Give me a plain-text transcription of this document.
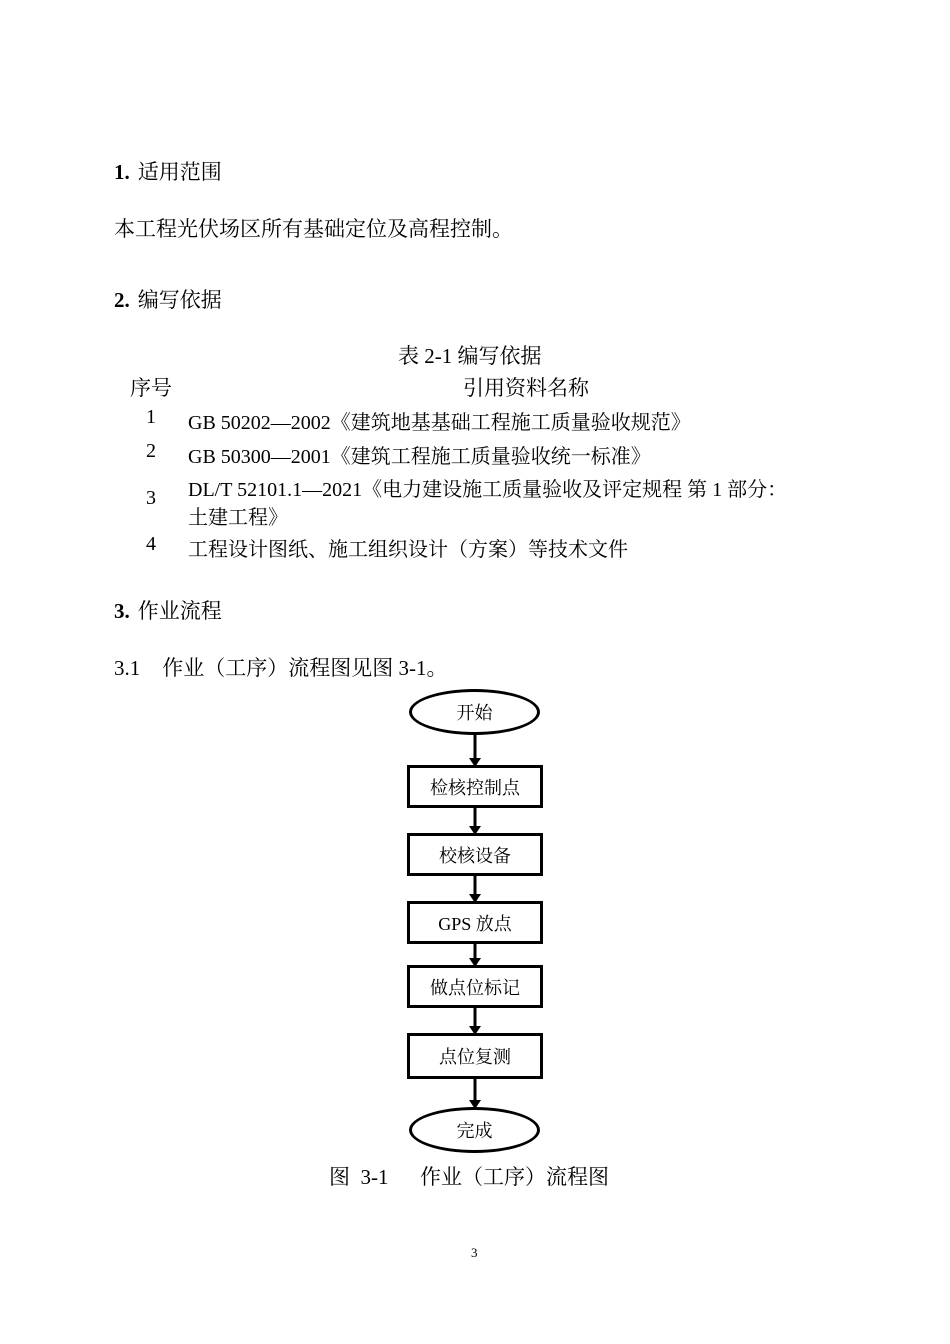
1. 适用范围
本工程光伏场区所有基础定位及高程控制。
2. 编写依据
表 2-1 编写依据
序号	引用资料名称
1	GB 50202—2002《建筑地基基础工程施工质量验收规范》
2	GB 50300—2001《建筑工程施工质量验收统一标准》
3	DL/T 52101.1—2021《电力建设施工质量验收及评定规程 第 1 部分：
土建工程》
4	工程设计图纸、施工组织设计（方案）等技术文件
3. 作业流程
3.1 作业（工序）流程图见图 3-1。
开始
检核控制点
校核设备
GPS 放点
做点位标记
点位复测
完成
图  3-1      作业（工序）流程图
3
